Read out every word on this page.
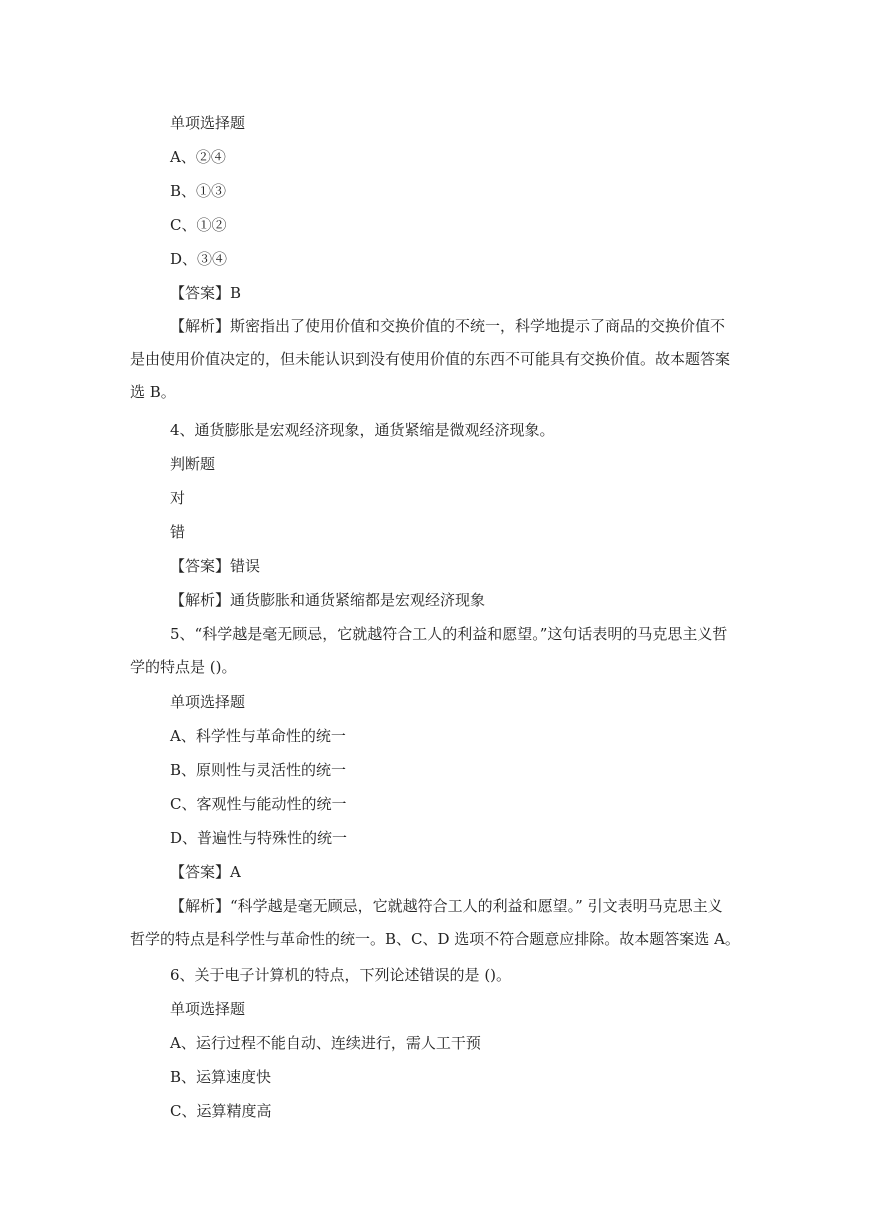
单项选择题
A、②④
B、①③
C、①②
D、③④
【答案】B
【解析】斯密指出了使用价值和交换价值的不统一，科学地提示了商品的交换价值不
是由使用价值决定的，但未能认识到没有使用价值的东西不可能具有交换价值。故本题答案
选 B。
4、通货膨胀是宏观经济现象，通货紧缩是微观经济现象。
判断题
对
错
【答案】错误
【解析】通货膨胀和通货紧缩都是宏观经济现象
5、“科学越是毫无顾忌，它就越符合工人的利益和愿望。”这句话表明的马克思主义哲
学的特点是 ()。
单项选择题
A、科学性与革命性的统一
B、原则性与灵活性的统一
C、客观性与能动性的统一
D、普遍性与特殊性的统一
【答案】A
【解析】“科学越是毫无顾忌，它就越符合工人的利益和愿望。” 引文表明马克思主义
哲学的特点是科学性与革命性的统一。B、C、D 选项不符合题意应排除。故本题答案选 A。
6、关于电子计算机的特点，下列论述错误的是 ()。
单项选择题
A、运行过程不能自动、连续进行，需人工干预
B、运算速度快
C、运算精度高
